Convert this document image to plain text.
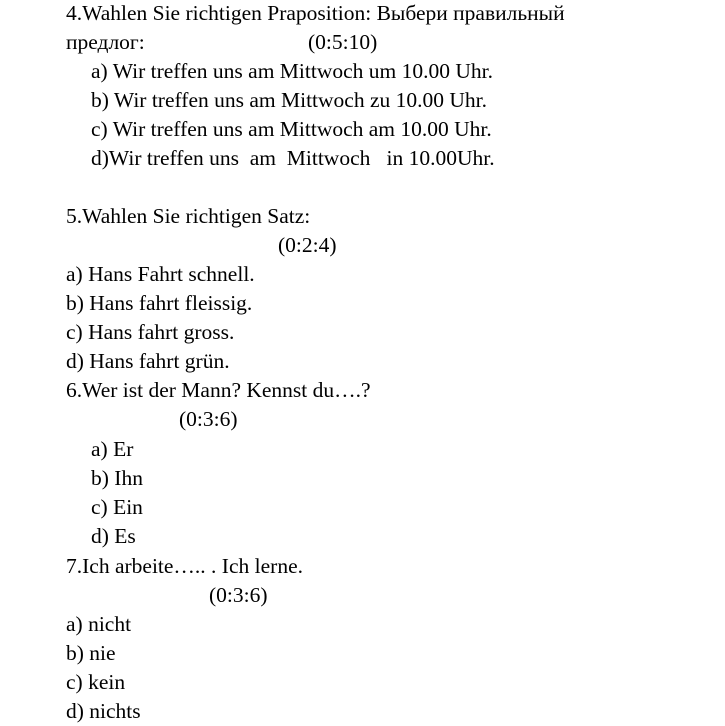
4.Wahlen Sie richtigen Praposition: Выбери правильный
предлог:	(0:5:10)
a) Wir treffen uns am Mittwoch um 10.00 Uhr.
b) Wir treffen uns am Mittwoch zu 10.00 Uhr.
c) Wir treffen uns am Mittwoch am 10.00 Uhr.
d)Wir treffen uns  am  Mittwoch   in 10.00Uhr.
5.Wahlen Sie richtigen Satz:
(0:2:4)
a) Hans Fahrt schnell.
b) Hans fahrt fleissig.
c) Hans fahrt gross.
d) Hans fahrt grün.
6.Wer ist der Mann? Kennst du….?
(0:3:6)
a) Er
b) Ihn
c) Ein
d) Es
7.Ich arbeite….. . Ich lerne.
(0:3:6)
a) nicht
b) nie
c) kein
d) nichts
